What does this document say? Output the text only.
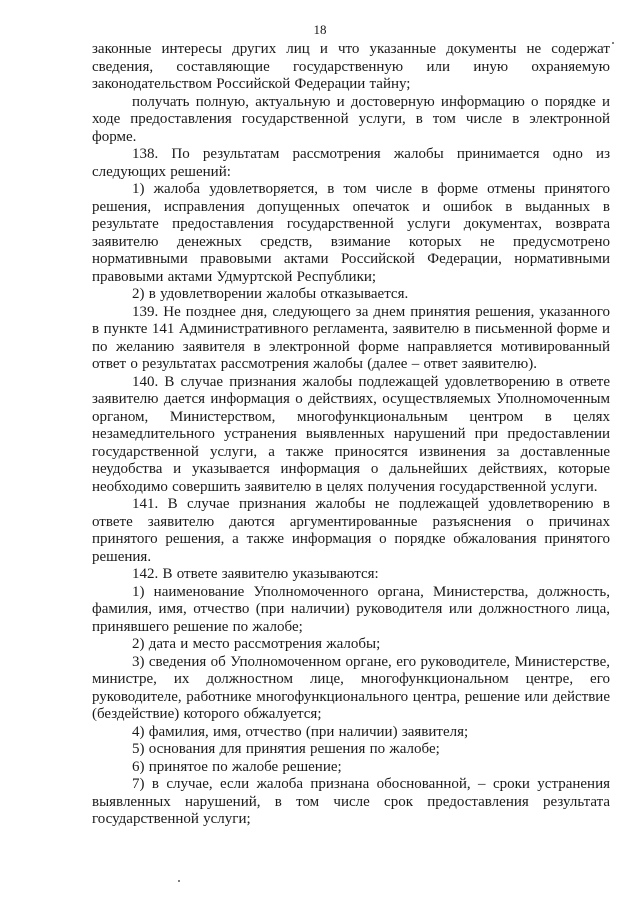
18

законные интересы других лиц и что указанные документы не содержат сведения, составляющие государственную или иную охраняемую законодательством Российской Федерации тайну;

получать полную, актуальную и достоверную информацию о порядке и ходе предоставления государственной услуги, в том числе в электронной форме.

138. По результатам рассмотрения жалобы принимается одно из следующих решений:

1) жалоба удовлетворяется, в том числе в форме отмены принятого решения, исправления допущенных опечаток и ошибок в выданных в результате предоставления государственной услуги документах, возврата заявителю денежных средств, взимание которых не предусмотрено нормативными правовыми актами Российской Федерации, нормативными правовыми актами Удмуртской Республики;

2) в удовлетворении жалобы отказывается.

139. Не позднее дня, следующего за днем принятия решения, указанного в пункте 141 Административного регламента, заявителю в письменной форме и по желанию заявителя в электронной форме направляется мотивированный ответ о результатах рассмотрения жалобы (далее – ответ заявителю).

140. В случае признания жалобы подлежащей удовлетворению в ответе заявителю дается информация о действиях, осуществляемых Уполномоченным органом, Министерством, многофункциональным центром в целях незамедлительного устранения выявленных нарушений при предоставлении государственной услуги, а также приносятся извинения за доставленные неудобства и указывается информация о дальнейших действиях, которые необходимо совершить заявителю в целях получения государственной услуги.

141. В случае признания жалобы не подлежащей удовлетворению в ответе заявителю даются аргументированные разъяснения о причинах принятого решения, а также информация о порядке обжалования принятого решения.

142. В ответе заявителю указываются:

1) наименование Уполномоченного органа, Министерства, должность, фамилия, имя, отчество (при наличии) руководителя или должностного лица, принявшего решение по жалобе;

2) дата и место рассмотрения жалобы;

3) сведения об Уполномоченном органе, его руководителе, Министерстве, министре, их должностном лице, многофункциональном центре, его руководителе, работнике многофункционального центра, решение или действие (бездействие) которого обжалуется;

4) фамилия, имя, отчество (при наличии) заявителя;

5) основания для принятия решения по жалобе;

6) принятое по жалобе решение;

7) в случае, если жалоба признана обоснованной, – сроки устранения выявленных нарушений, в том числе срок предоставления результата государственной услуги;
